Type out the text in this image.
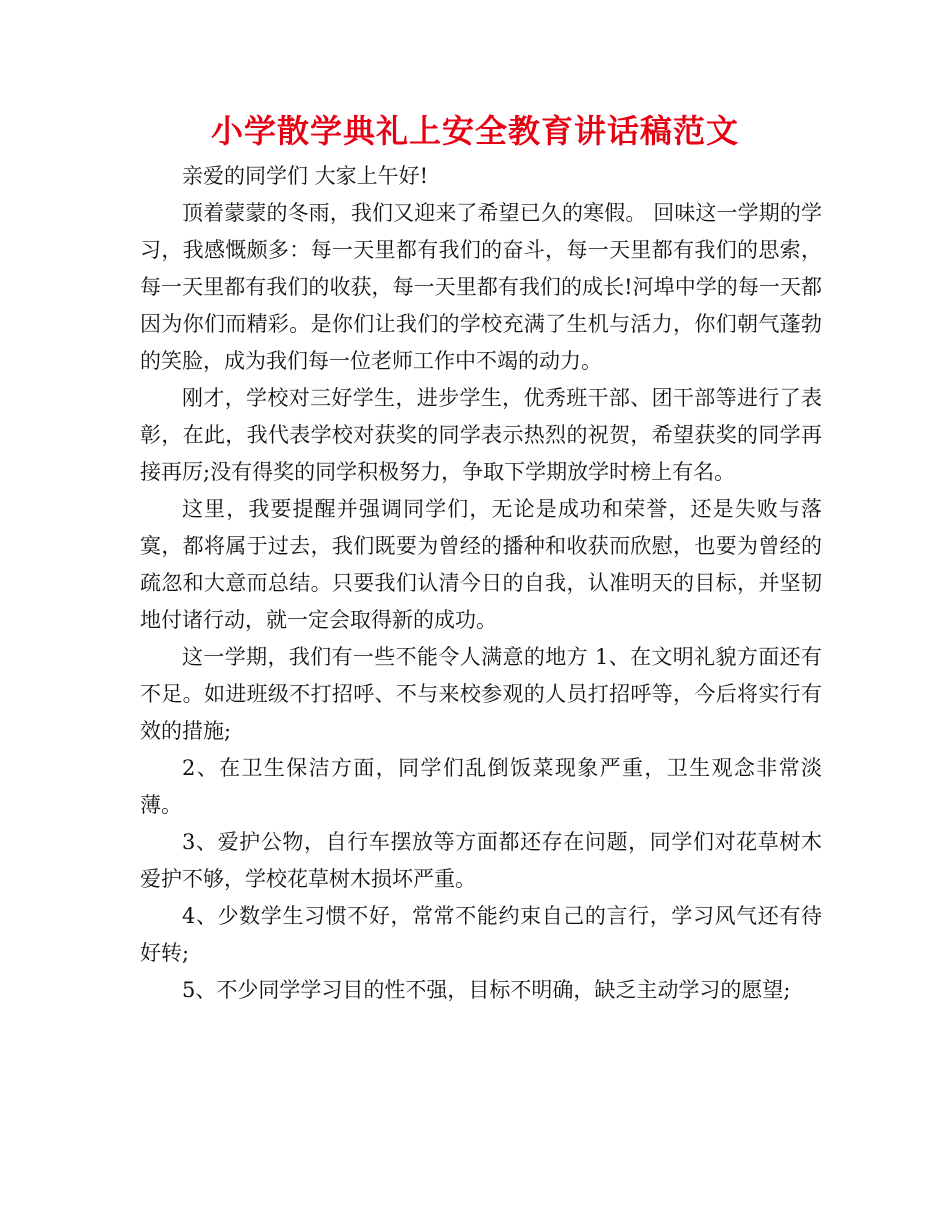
小学散学典礼上安全教育讲话稿范文

亲爱的同学们 大家上午好!

顶着蒙蒙的冬雨，我们又迎来了希望已久的寒假。 回味这一学期的学习，我感慨颇多：每一天里都有我们的奋斗，每一天里都有我们的思索，每一天里都有我们的收获，每一天里都有我们的成长!河埠中学的每一天都因为你们而精彩。是你们让我们的学校充满了生机与活力，你们朝气蓬勃的笑脸，成为我们每一位老师工作中不竭的动力。

刚才，学校对三好学生，进步学生，优秀班干部、团干部等进行了表彰，在此，我代表学校对获奖的同学表示热烈的祝贺，希望获奖的同学再接再厉;没有得奖的同学积极努力，争取下学期放学时榜上有名。

这里，我要提醒并强调同学们，无论是成功和荣誉，还是失败与落寞，都将属于过去，我们既要为曾经的播种和收获而欣慰，也要为曾经的疏忽和大意而总结。只要我们认清今日的自我，认准明天的目标，并坚韧地付诸行动，就一定会取得新的成功。

这一学期，我们有一些不能令人满意的地方 1、在文明礼貌方面还有不足。如进班级不打招呼、不与来校参观的人员打招呼等，今后将实行有效的措施;

2、在卫生保洁方面，同学们乱倒饭菜现象严重，卫生观念非常淡薄。

3、爱护公物，自行车摆放等方面都还存在问题，同学们对花草树木爱护不够，学校花草树木损坏严重。

4、少数学生习惯不好，常常不能约束自己的言行，学习风气还有待好转;

5、不少同学学习目的性不强，目标不明确，缺乏主动学习的愿望;
